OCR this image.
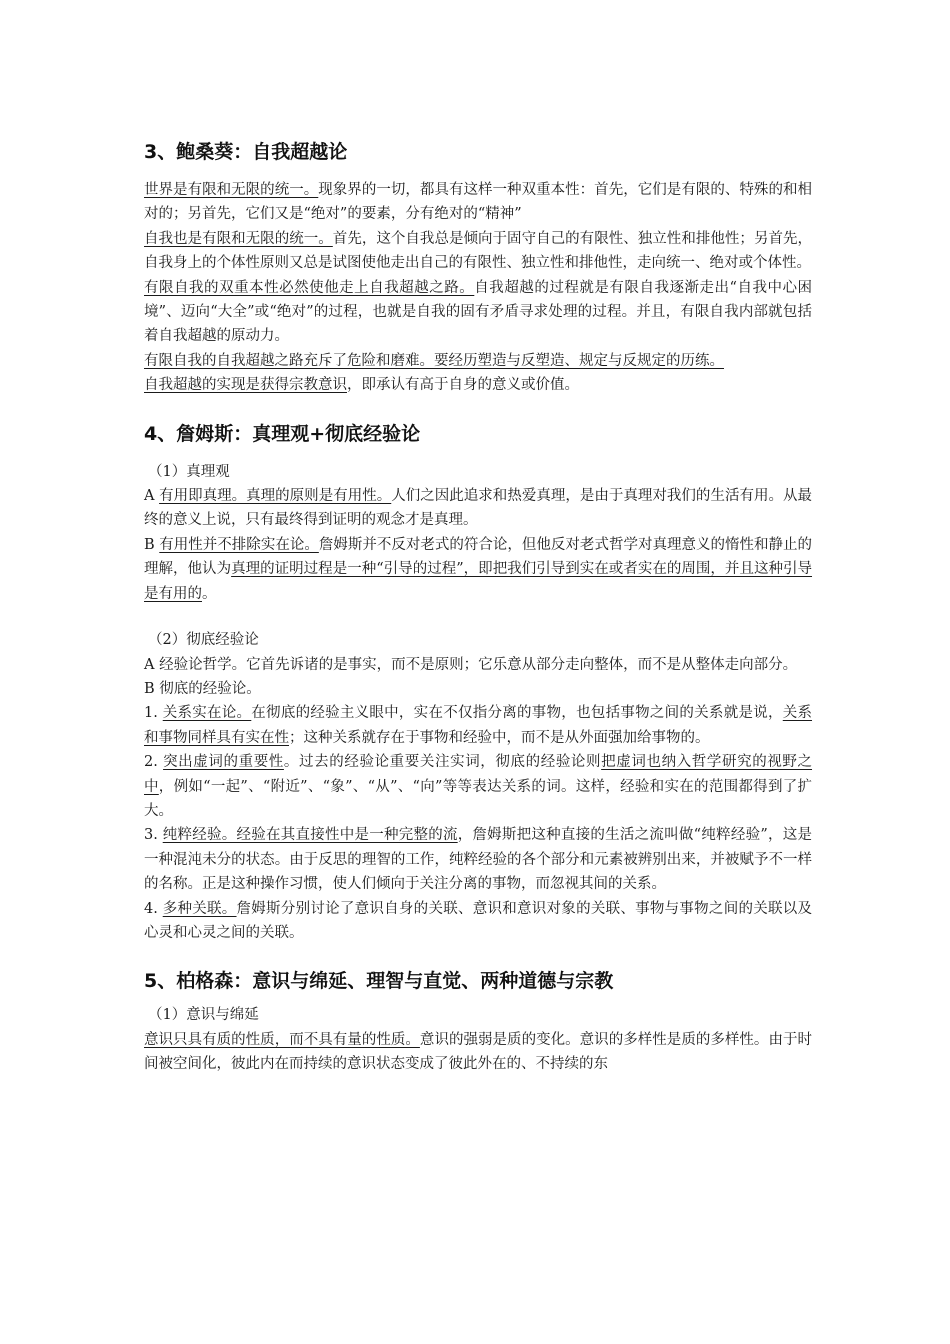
3、鲍桑葵：自我超越论

世界是有限和无限的统一。现象界的一切，都具有这样一种双重本性：首先，它们是有限的、特殊的和相对的；另首先，它们又是“绝对”的要素，分有绝对的“精神”

自我也是有限和无限的统一。首先，这个自我总是倾向于固守自己的有限性、独立性和排他性；另首先，自我身上的个体性原则又总是试图使他走出自己的有限性、独立性和排他性，走向统一、绝对或个体性。

有限自我的双重本性必然使他走上自我超越之路。自我超越的过程就是有限自我逐渐走出“自我中心困境”、迈向“大全”或“绝对”的过程，也就是自我的固有矛盾寻求处理的过程。并且，有限自我内部就包括着自我超越的原动力。

有限自我的自我超越之路充斥了危险和磨难。要经历塑造与反塑造、规定与反规定的历练。

自我超越的实现是获得宗教意识，即承认有高于自身的意义或价值。

4、詹姆斯：真理观+彻底经验论

（1）真理观

A 有用即真理。真理的原则是有用性。人们之因此追求和热爱真理，是由于真理对我们的生活有用。从最终的意义上说，只有最终得到证明的观念才是真理。

B 有用性并不排除实在论。詹姆斯并不反对老式的符合论，但他反对老式哲学对真理意义的惰性和静止的理解，他认为真理的证明过程是一种“引导的过程”，即把我们引导到实在或者实在的周围，并且这种引导是有用的。

（2）彻底经验论

A 经验论哲学。它首先诉诸的是事实，而不是原则；它乐意从部分走向整体，而不是从整体走向部分。

B 彻底的经验论。

1. 关系实在论。在彻底的经验主义眼中，实在不仅指分离的事物，也包括事物之间的关系就是说，关系和事物同样具有实在性；这种关系就存在于事物和经验中，而不是从外面强加给事物的。

2. 突出虚词的重要性。过去的经验论重要关注实词，彻底的经验论则把虚词也纳入哲学研究的视野之中，例如“一起”、“附近”、“象”、“从”、“向”等等表达关系的词。这样，经验和实在的范围都得到了扩大。

3. 纯粹经验。经验在其直接性中是一种完整的流，詹姆斯把这种直接的生活之流叫做“纯粹经验”，这是一种混沌未分的状态。由于反思的理智的工作，纯粹经验的各个部分和元素被辨别出来，并被赋予不一样的名称。正是这种操作习惯，使人们倾向于关注分离的事物，而忽视其间的关系。

4. 多种关联。詹姆斯分别讨论了意识自身的关联、意识和意识对象的关联、事物与事物之间的关联以及心灵和心灵之间的关联。

5、柏格森：意识与绵延、理智与直觉、两种道德与宗教

（1）意识与绵延

意识只具有质的性质，而不具有量的性质。意识的强弱是质的变化。意识的多样性是质的多样性。由于时间被空间化，彼此内在而持续的意识状态变成了彼此外在的、不持续的东
